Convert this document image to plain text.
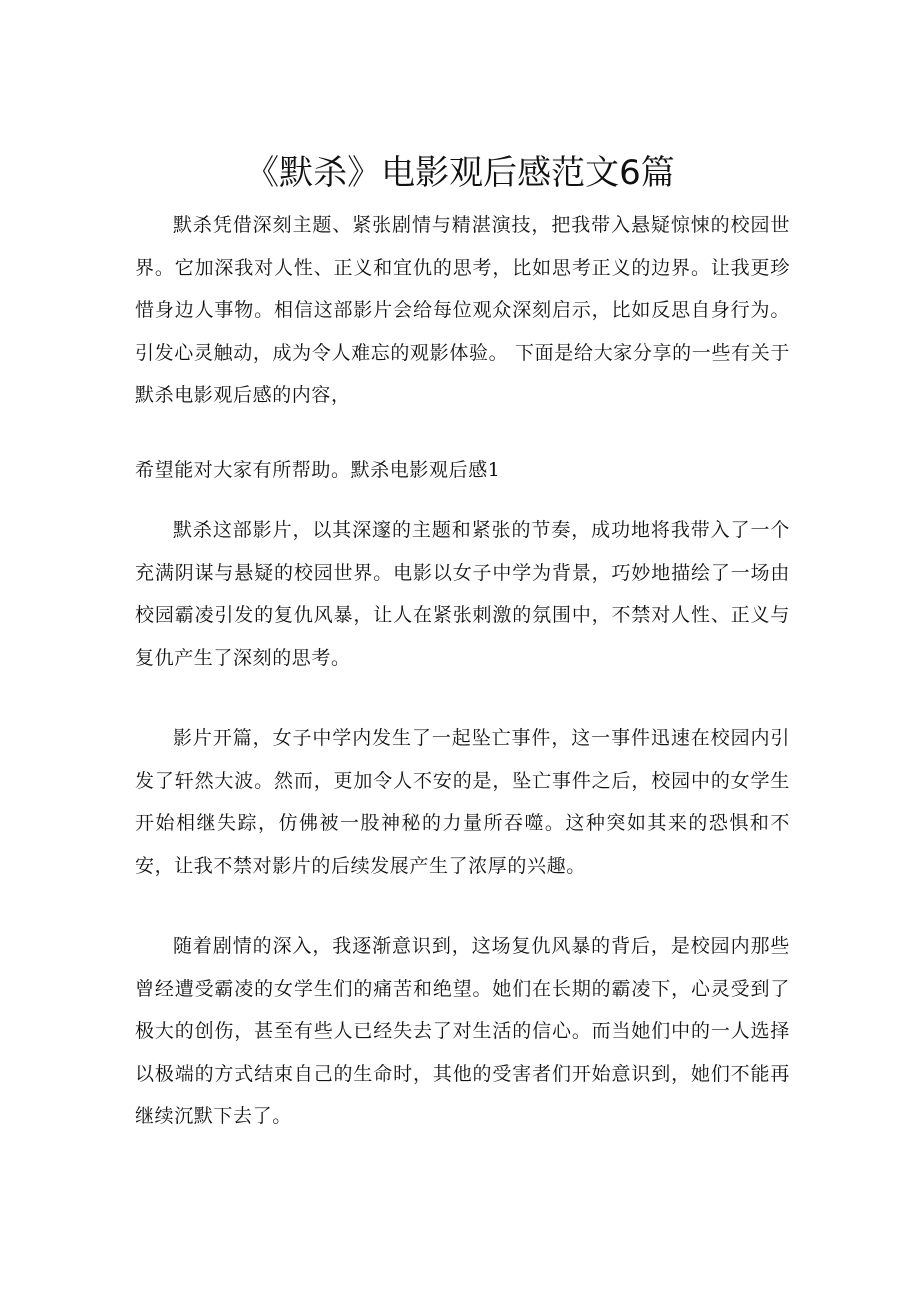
《默杀》电影观后感范文6篇

默杀凭借深刻主题、紧张剧情与精湛演技，把我带入悬疑惊悚的校园世界。它加深我对人性、正义和宜仇的思考，比如思考正义的边界。让我更珍惜身边人事物。相信这部影片会给每位观众深刻启示，比如反思自身行为。引发心灵触动，成为令人难忘的观影体验。 下面是给大家分享的一些有关于默杀电影观后感的内容，

希望能对大家有所帮助。默杀电影观后感1

默杀这部影片，以其深邃的主题和紧张的节奏，成功地将我带入了一个充满阴谋与悬疑的校园世界。电影以女子中学为背景，巧妙地描绘了一场由校园霸凌引发的复仇风暴，让人在紧张刺激的氛围中，不禁对人性、正义与复仇产生了深刻的思考。

影片开篇，女子中学内发生了一起坠亡事件，这一事件迅速在校园内引发了轩然大波。然而，更加令人不安的是，坠亡事件之后，校园中的女学生开始相继失踪，仿佛被一股神秘的力量所吞噬。这种突如其来的恐惧和不安，让我不禁对影片的后续发展产生了浓厚的兴趣。

随着剧情的深入，我逐渐意识到，这场复仇风暴的背后，是校园内那些曾经遭受霸凌的女学生们的痛苦和绝望。她们在长期的霸凌下，心灵受到了极大的创伤，甚至有些人已经失去了对生活的信心。而当她们中的一人选择以极端的方式结束自己的生命时，其他的受害者们开始意识到，她们不能再继续沉默下去了。
